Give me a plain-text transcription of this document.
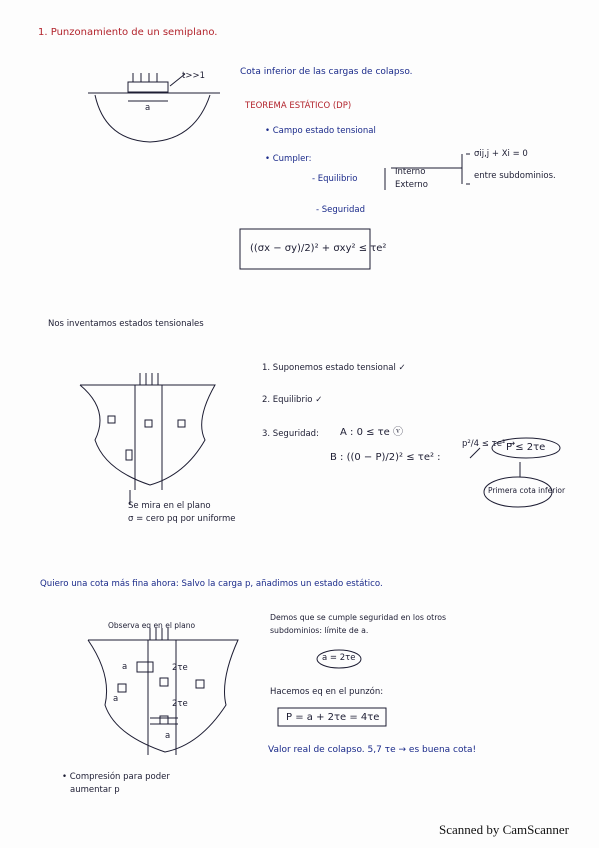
1. Punzonamiento de un semiplano.
t>>1
a
Cota inferior de las cargas de colapso.
TEOREMA ESTÁTICO (DP)
• Campo estado tensional
• Cumpler:
- Equilibrio
Interno
Externo
σij,j + Xi = 0
entre subdominios.
- Seguridad
((σx − σy)/2)² + σxy² ≤ τe²
Nos inventamos estados tensionales
1. Suponemos estado tensional ✓
2. Equilibrio ✓
3. Seguridad: A : 0 ≤ τe ⓥ
B : ((0 − P)/2)² ≤ τe² :
p²/4 ≤ τe² →
P ≤ 2τe
Primera cota inferior
Se mira en el plano
σ = cero pq por uniforme
Quiero una cota más fina ahora: Salvo la carga p, añadimos un estado estático.
Observa eq en el plano
a	2τe
2τe
a
a
Demos que se cumple seguridad en los otros
subdominios: límite de a.
a = 2τe
Hacemos eq en el punzón:
P = a + 2τe = 4τe
Valor real de colapso. 5,7 τe → es buena cota!
• Compresión para poder
aumentar p
Scanned by CamScanner
